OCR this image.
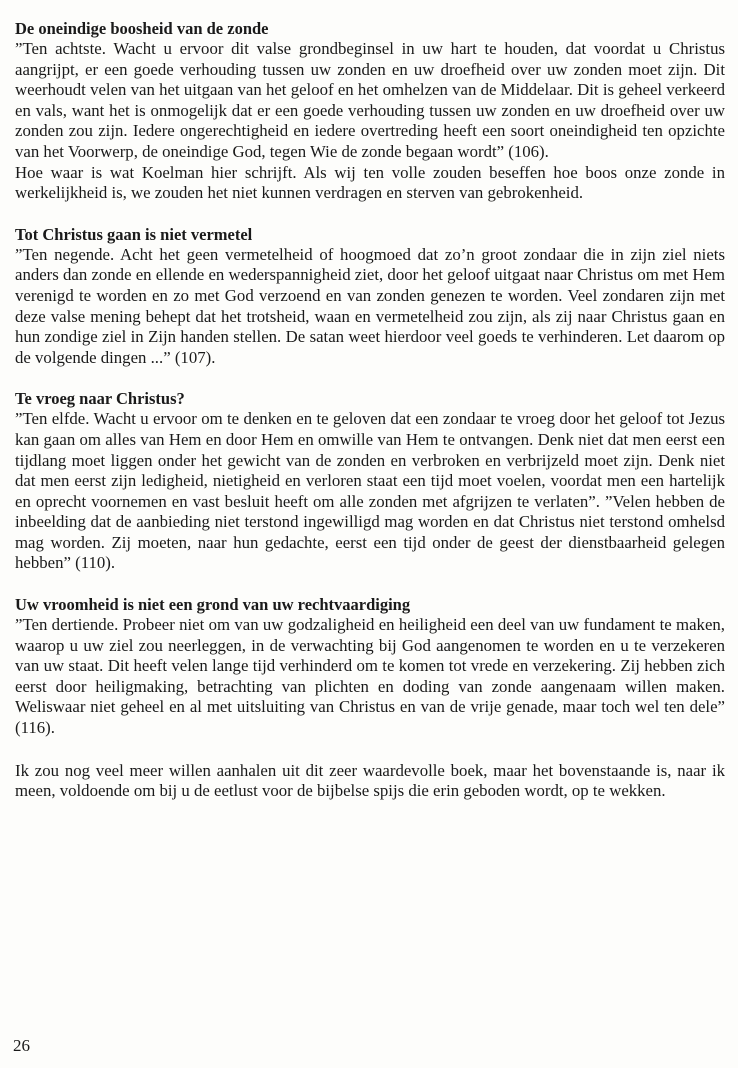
De oneindige boosheid van de zonde

”Ten achtste. Wacht u ervoor dit valse grondbeginsel in uw hart te houden, dat voordat u Christus aangrijpt, er een goede verhouding tussen uw zonden en uw droefheid over uw zonden moet zijn. Dit weerhoudt velen van het uitgaan van het geloof en het omhelzen van de Middelaar. Dit is geheel verkeerd en vals, want het is onmogelijk dat er een goede verhouding tussen uw zonden en uw droefheid over uw zonden zou zijn. Iedere ongerechtigheid en iedere overtreding heeft een soort oneindigheid ten opzichte van het Voorwerp, de oneindige God, tegen Wie de zonde begaan wordt” (106).

Hoe waar is wat Koelman hier schrijft. Als wij ten volle zouden beseffen hoe boos onze zonde in werkelijkheid is, we zouden het niet kunnen verdragen en sterven van gebrokenheid.

Tot Christus gaan is niet vermetel

”Ten negende. Acht het geen vermetelheid of hoogmoed dat zo’n groot zondaar die in zijn ziel niets anders dan zonde en ellende en wederspannigheid ziet, door het geloof uitgaat naar Christus om met Hem verenigd te worden en zo met God verzoend en van zonden genezen te worden. Veel zondaren zijn met deze valse mening behept dat het trotsheid, waan en vermetelheid zou zijn, als zij naar Christus gaan en hun zondige ziel in Zijn handen stellen. De satan weet hierdoor veel goeds te verhinderen. Let daarom op de volgende dingen ...” (107).

Te vroeg naar Christus?

”Ten elfde. Wacht u ervoor om te denken en te geloven dat een zondaar te vroeg door het geloof tot Jezus kan gaan om alles van Hem en door Hem en omwille van Hem te ontvangen. Denk niet dat men eerst een tijdlang moet liggen onder het gewicht van de zonden en verbroken en verbrijzeld moet zijn. Denk niet dat men eerst zijn ledigheid, nietigheid en verloren staat een tijd moet voelen, voordat men een hartelijk en oprecht voornemen en vast besluit heeft om alle zonden met afgrijzen te verlaten”. ”Velen hebben de inbeelding dat de aanbieding niet terstond ingewilligd mag worden en dat Christus niet terstond omhelsd mag worden. Zij moeten, naar hun gedachte, eerst een tijd onder de geest der dienstbaarheid gelegen hebben” (110).

Uw vroomheid is niet een grond van uw rechtvaardiging

”Ten dertiende. Probeer niet om van uw godzaligheid en heiligheid een deel van uw fundament te maken, waarop u uw ziel zou neerleggen, in de verwachting bij God aangenomen te worden en u te verzekeren van uw staat. Dit heeft velen lange tijd verhinderd om te komen tot vrede en verzekering. Zij hebben zich eerst door heiligmaking, betrachting van plichten en doding van zonde aangenaam willen maken. Weliswaar niet geheel en al met uitsluiting van Christus en van de vrije genade, maar toch wel ten dele” (116).

Ik zou nog veel meer willen aanhalen uit dit zeer waardevolle boek, maar het bovenstaande is, naar ik meen, voldoende om bij u de eetlust voor de bijbelse spijs die erin geboden wordt, op te wekken.

26
